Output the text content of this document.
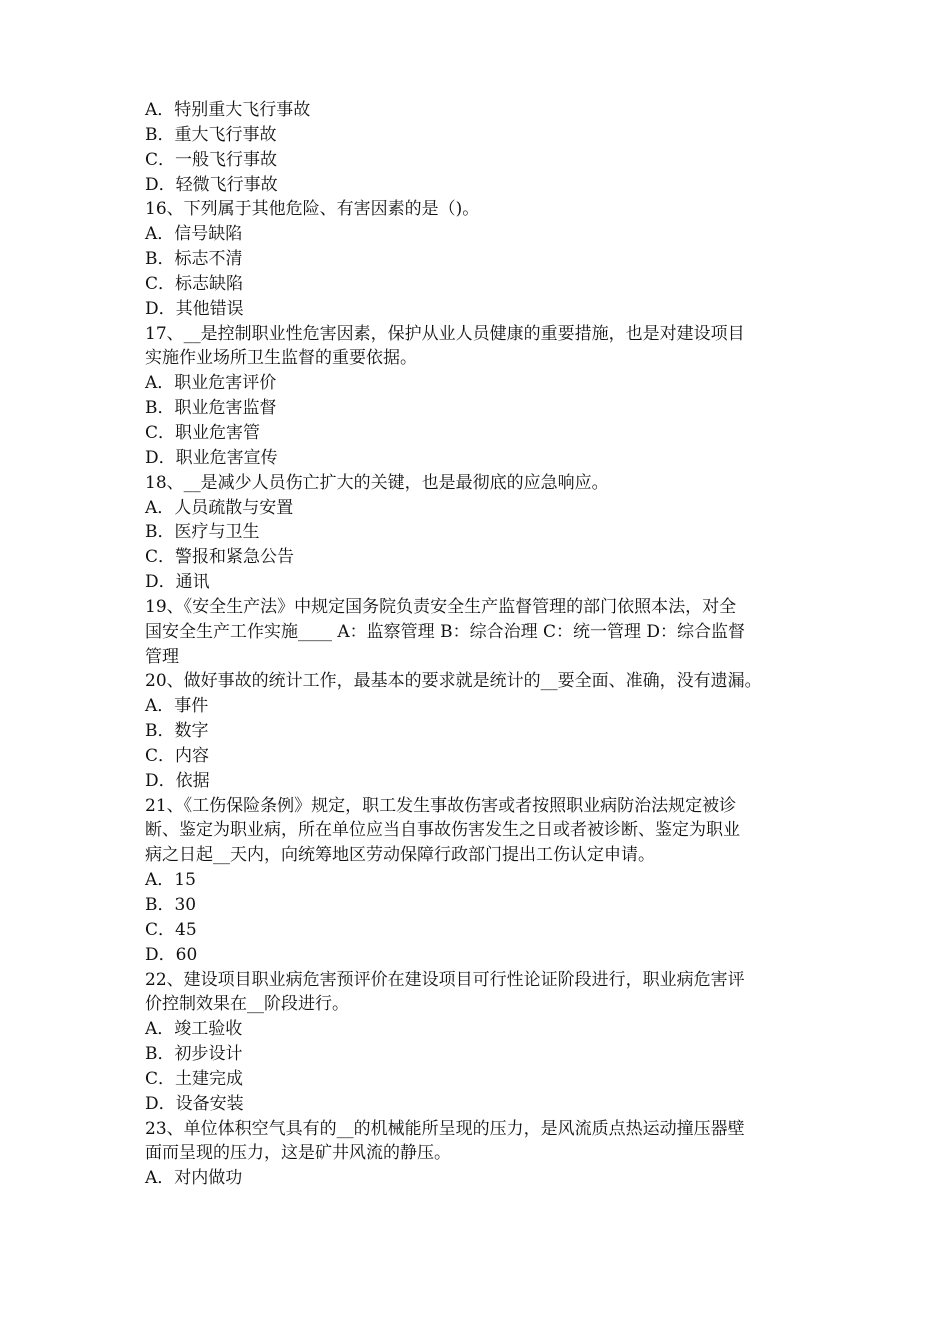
A．特别重大飞行事故
B．重大飞行事故
C．一般飞行事故
D．轻微飞行事故
16、下列属于其他危险、有害因素的是（)。
A．信号缺陷
B．标志不清
C．标志缺陷
D．其他错误
17、__是控制职业性危害因素，保护从业人员健康的重要措施，也是对建设项目
实施作业场所卫生监督的重要依据。
A．职业危害评价
B．职业危害监督
C．职业危害管
D．职业危害宣传
18、__是减少人员伤亡扩大的关键，也是最彻底的应急响应。
A．人员疏散与安置
B．医疗与卫生
C．警报和紧急公告
D．通讯
19、《安全生产法》中规定国务院负责安全生产监督管理的部门依照本法，对全
国安全生产工作实施____ A：监察管理 B：综合治理 C：统一管理 D：综合监督
管理
20、做好事故的统计工作，最基本的要求就是统计的__要全面、准确，没有遗漏。
A．事件
B．数字
C．内容
D．依据
21、《工伤保险条例》规定，职工发生事故伤害或者按照职业病防治法规定被诊
断、鉴定为职业病，所在单位应当自事故伤害发生之日或者被诊断、鉴定为职业
病之日起__天内，向统筹地区劳动保障行政部门提出工伤认定申请。
A．15
B．30
C．45
D．60
22、建设项目职业病危害预评价在建设项目可行性论证阶段进行，职业病危害评
价控制效果在__阶段进行。
A．竣工验收
B．初步设计
C．土建完成
D．设备安装
23、单位体积空气具有的__的机械能所呈现的压力，是风流质点热运动撞压器壁
面而呈现的压力，这是矿井风流的静压。
A．对内做功
